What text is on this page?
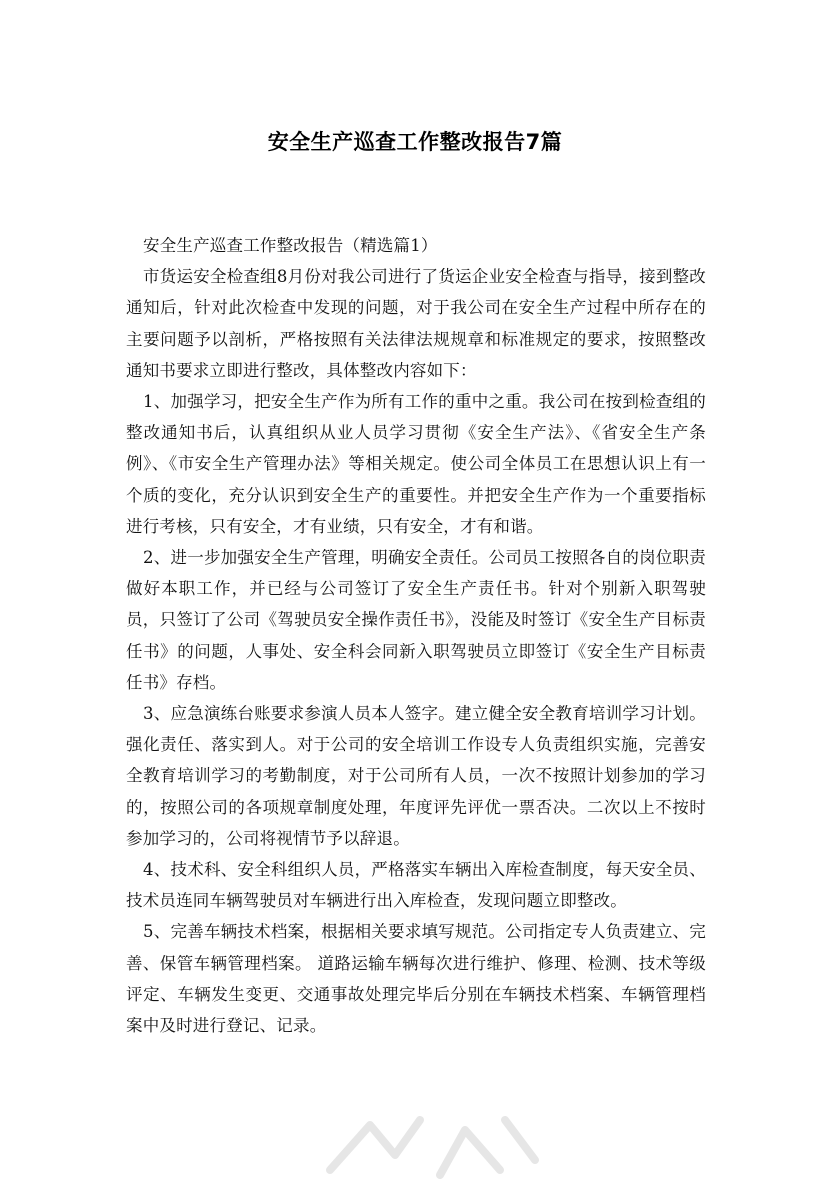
安全生产巡查工作整改报告7篇

安全生产巡查工作整改报告（精选篇1）

市货运安全检查组8月份对我公司进行了货运企业安全检查与指导，接到整改通知后，针对此次检查中发现的问题，对于我公司在安全生产过程中所存在的主要问题予以剖析，严格按照有关法律法规规章和标准规定的要求，按照整改通知书要求立即进行整改，具体整改内容如下：

1、加强学习，把安全生产作为所有工作的重中之重。我公司在按到检查组的整改通知书后，认真组织从业人员学习贯彻《安全生产法》、《省安全生产条例》、《市安全生产管理办法》等相关规定。使公司全体员工在思想认识上有一个质的变化，充分认识到安全生产的重要性。并把安全生产作为一个重要指标进行考核，只有安全，才有业绩，只有安全，才有和谐。

2、进一步加强安全生产管理，明确安全责任。公司员工按照各自的岗位职责做好本职工作，并已经与公司签订了安全生产责任书。针对个别新入职驾驶员，只签订了公司《驾驶员安全操作责任书》，没能及时签订《安全生产目标责任书》的问题，人事处、安全科会同新入职驾驶员立即签订《安全生产目标责任书》存档。

3、应急演练台账要求参演人员本人签字。建立健全安全教育培训学习计划。强化责任、落实到人。对于公司的安全培训工作设专人负责组织实施，完善安全教育培训学习的考勤制度，对于公司所有人员，一次不按照计划参加的学习的，按照公司的各项规章制度处理，年度评先评优一票否决。二次以上不按时参加学习的，公司将视情节予以辞退。

4、技术科、安全科组织人员，严格落实车辆出入库检查制度，每天安全员、技术员连同车辆驾驶员对车辆进行出入库检查，发现问题立即整改。

5、完善车辆技术档案，根据相关要求填写规范。公司指定专人负责建立、完善、保管车辆管理档案。 道路运输车辆每次进行维护、修理、检测、技术等级评定、车辆发生变更、交通事故处理完毕后分别在车辆技术档案、车辆管理档案中及时进行登记、记录。
